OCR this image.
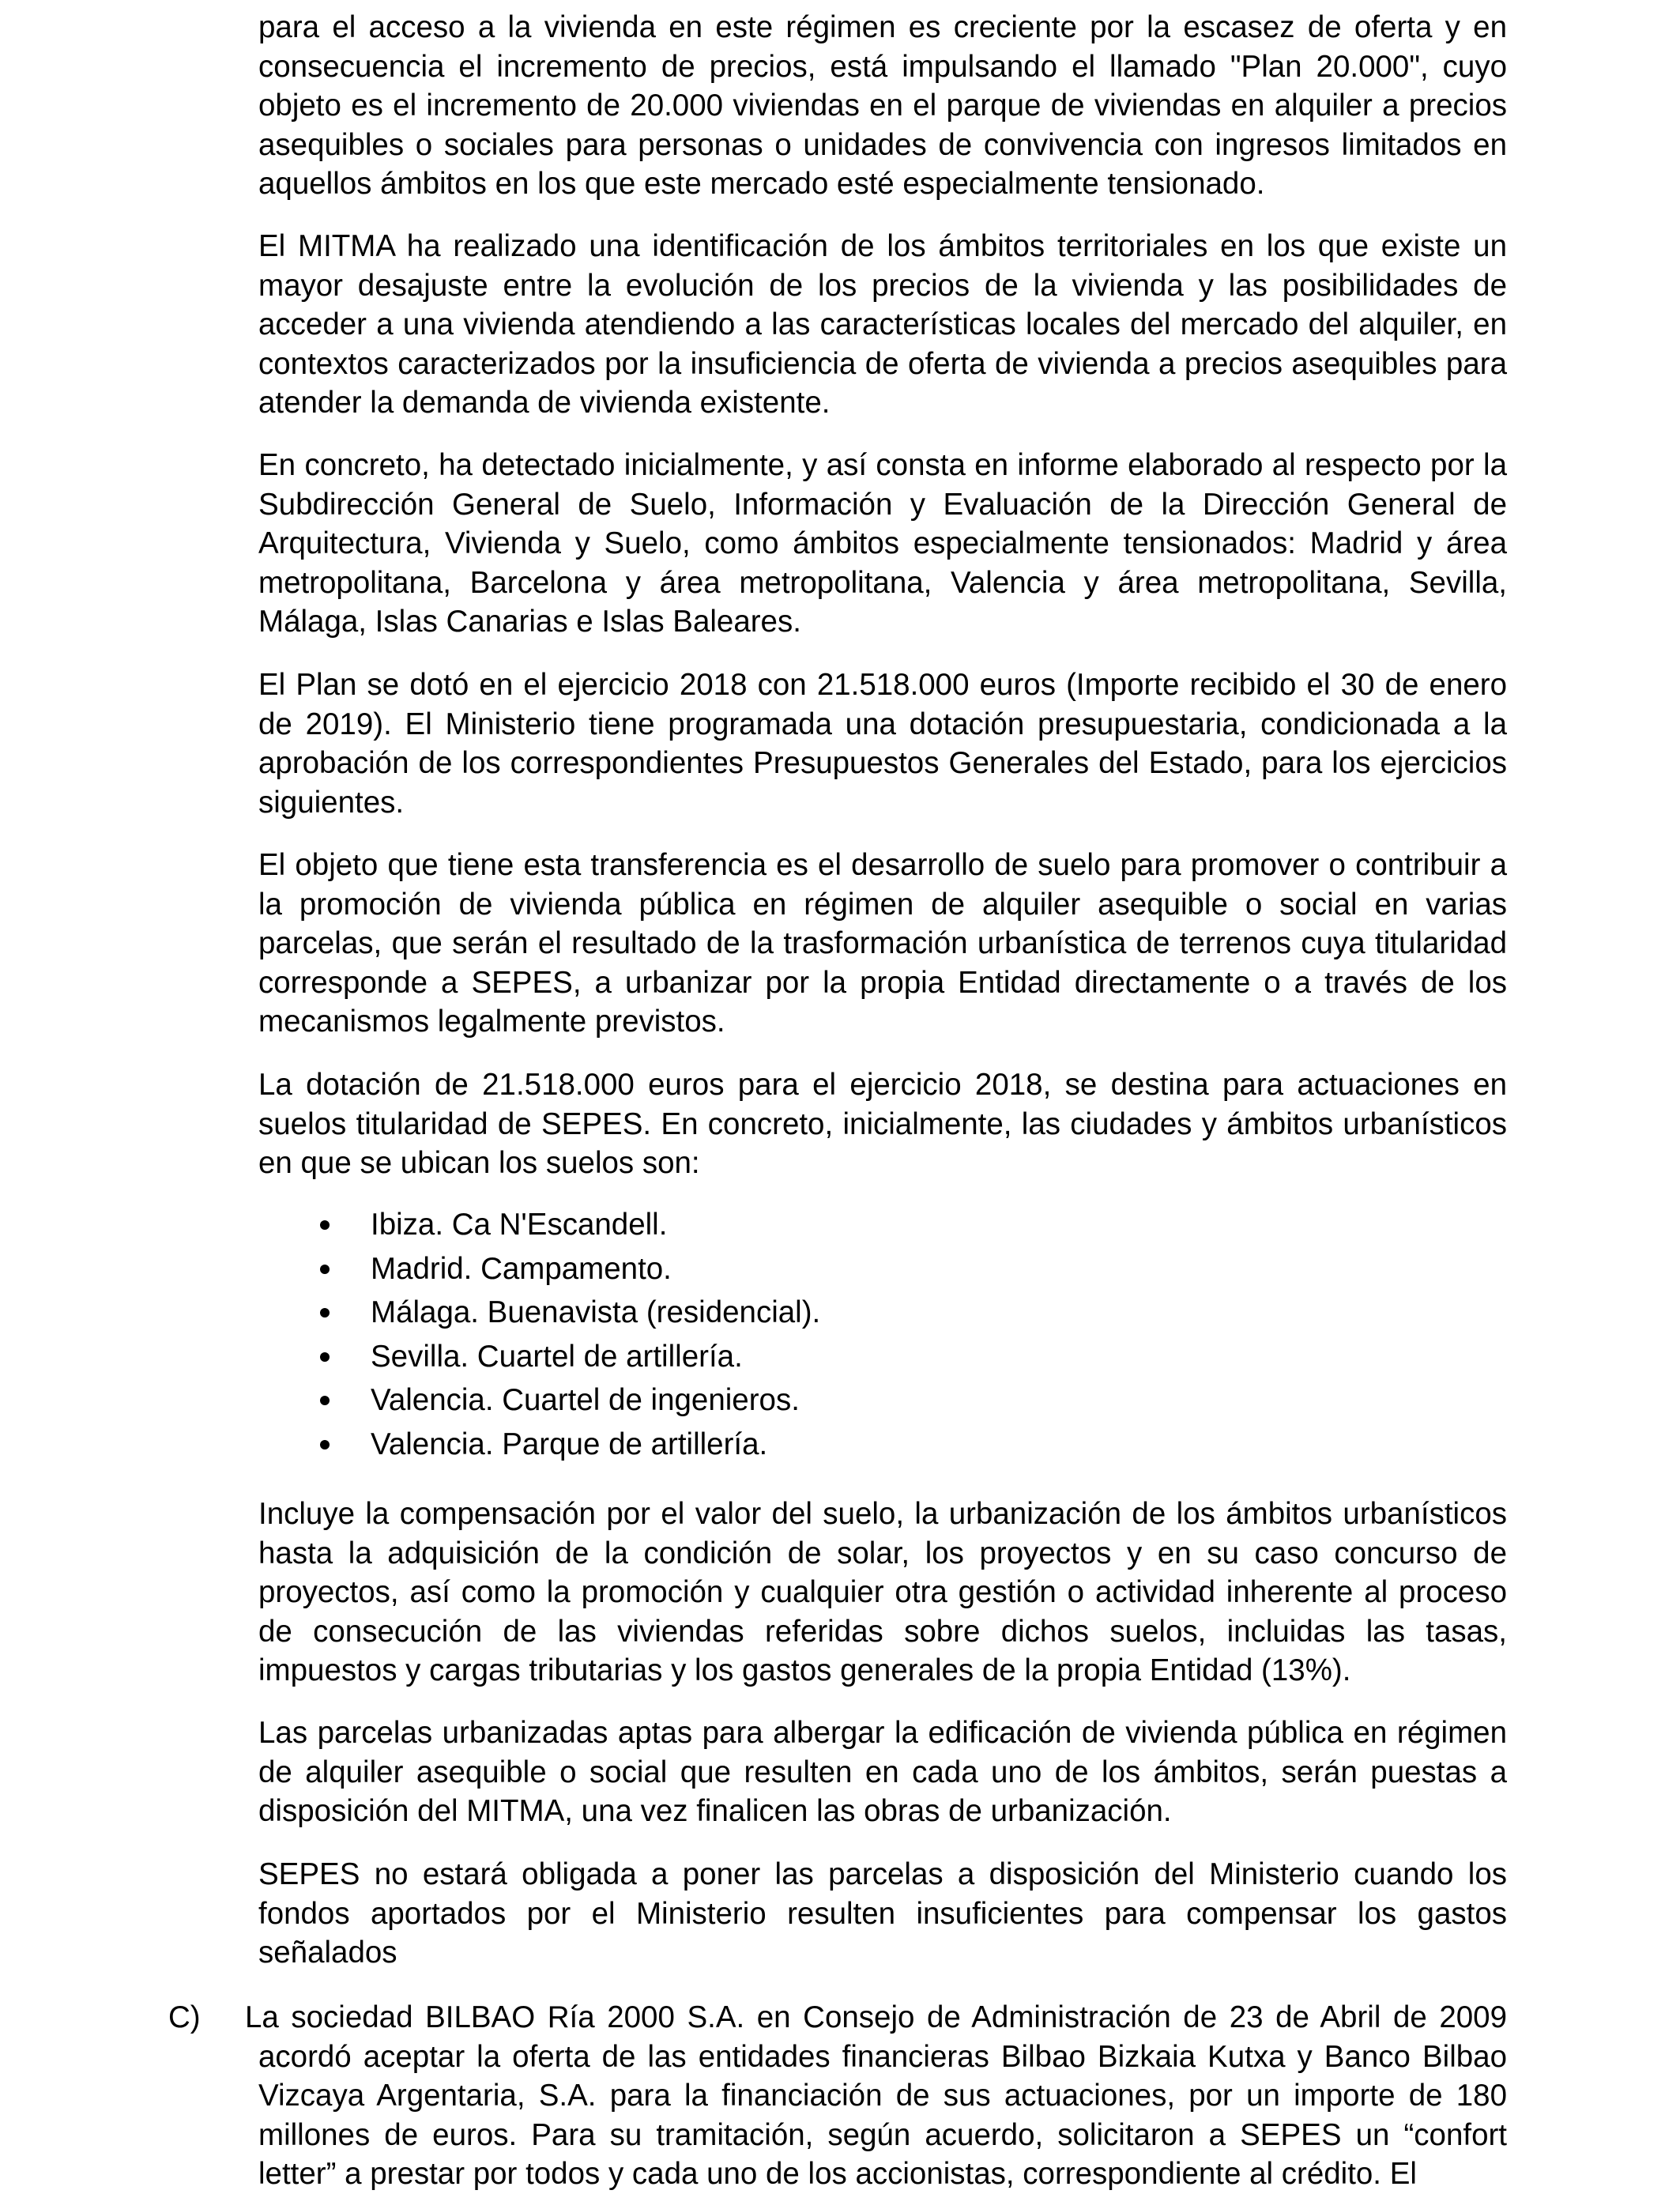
para el acceso a la vivienda en este régimen es creciente por la escasez de oferta y en consecuencia el incremento de precios, está impulsando el llamado "Plan 20.000", cuyo objeto es el incremento de 20.000 viviendas en el parque de viviendas en alquiler a precios asequibles o sociales para personas o unidades de convivencia con ingresos limitados en aquellos ámbitos en los que este mercado esté especialmente tensionado.

El MITMA ha realizado una identificación de los ámbitos territoriales en los que existe un mayor desajuste entre la evolución de los precios de la vivienda y las posibilidades de acceder a una vivienda atendiendo a las características locales del mercado del alquiler, en contextos caracterizados por la insuficiencia de oferta de vivienda a precios asequibles para atender la demanda de vivienda existente.

En concreto, ha detectado inicialmente, y así consta en informe elaborado al respecto por la Subdirección General de Suelo, Información y Evaluación de la Dirección General de Arquitectura, Vivienda y Suelo, como ámbitos especialmente tensionados: Madrid y área metropolitana, Barcelona y área metropolitana, Valencia y área metropolitana, Sevilla, Málaga, Islas Canarias e Islas Baleares.

El Plan se dotó en el ejercicio 2018 con 21.518.000 euros (Importe recibido el 30 de enero de 2019). El Ministerio tiene programada una dotación presupuestaria, condicionada a la aprobación de los correspondientes Presupuestos Generales del Estado, para los ejercicios siguientes.

El objeto que tiene esta transferencia es el desarrollo de suelo para promover o contribuir a la promoción de vivienda pública en régimen de alquiler asequible o social en varias parcelas, que serán el resultado de la trasformación urbanística de terrenos cuya titularidad corresponde a SEPES, a urbanizar por la propia Entidad directamente o a través de los mecanismos legalmente previstos.

La dotación de 21.518.000 euros para el ejercicio 2018, se destina para actuaciones en suelos titularidad de SEPES. En concreto, inicialmente, las ciudades y ámbitos urbanísticos en que se ubican los suelos son:

Ibiza. Ca N'Escandell.
Madrid. Campamento.
Málaga. Buenavista (residencial).
Sevilla. Cuartel de artillería.
Valencia. Cuartel de ingenieros.
Valencia. Parque de artillería.

Incluye la compensación por el valor del suelo, la urbanización de los ámbitos urbanísticos hasta la adquisición de la condición de solar, los proyectos y en su caso concurso de proyectos, así como la promoción y cualquier otra gestión o actividad inherente al proceso de consecución de las viviendas referidas sobre dichos suelos, incluidas las tasas, impuestos y cargas tributarias y los gastos generales de la propia Entidad (13%).

Las parcelas urbanizadas aptas para albergar la edificación de vivienda pública en régimen de alquiler asequible o social que resulten en cada uno de los ámbitos, serán puestas a disposición del MITMA, una vez finalicen las obras de urbanización.

SEPES no estará obligada a poner las parcelas a disposición del Ministerio cuando los fondos aportados por el Ministerio resulten insuficientes para compensar los gastos señalados

C) La sociedad BILBAO Ría 2000 S.A. en Consejo de Administración de 23 de Abril de 2009 acordó aceptar la oferta de las entidades financieras Bilbao Bizkaia Kutxa y Banco Bilbao Vizcaya Argentaria, S.A. para la financiación de sus actuaciones, por un importe de 180 millones de euros. Para su tramitación, según acuerdo, solicitaron a SEPES un “confort letter” a prestar por todos y cada uno de los accionistas, correspondiente al crédito. El
